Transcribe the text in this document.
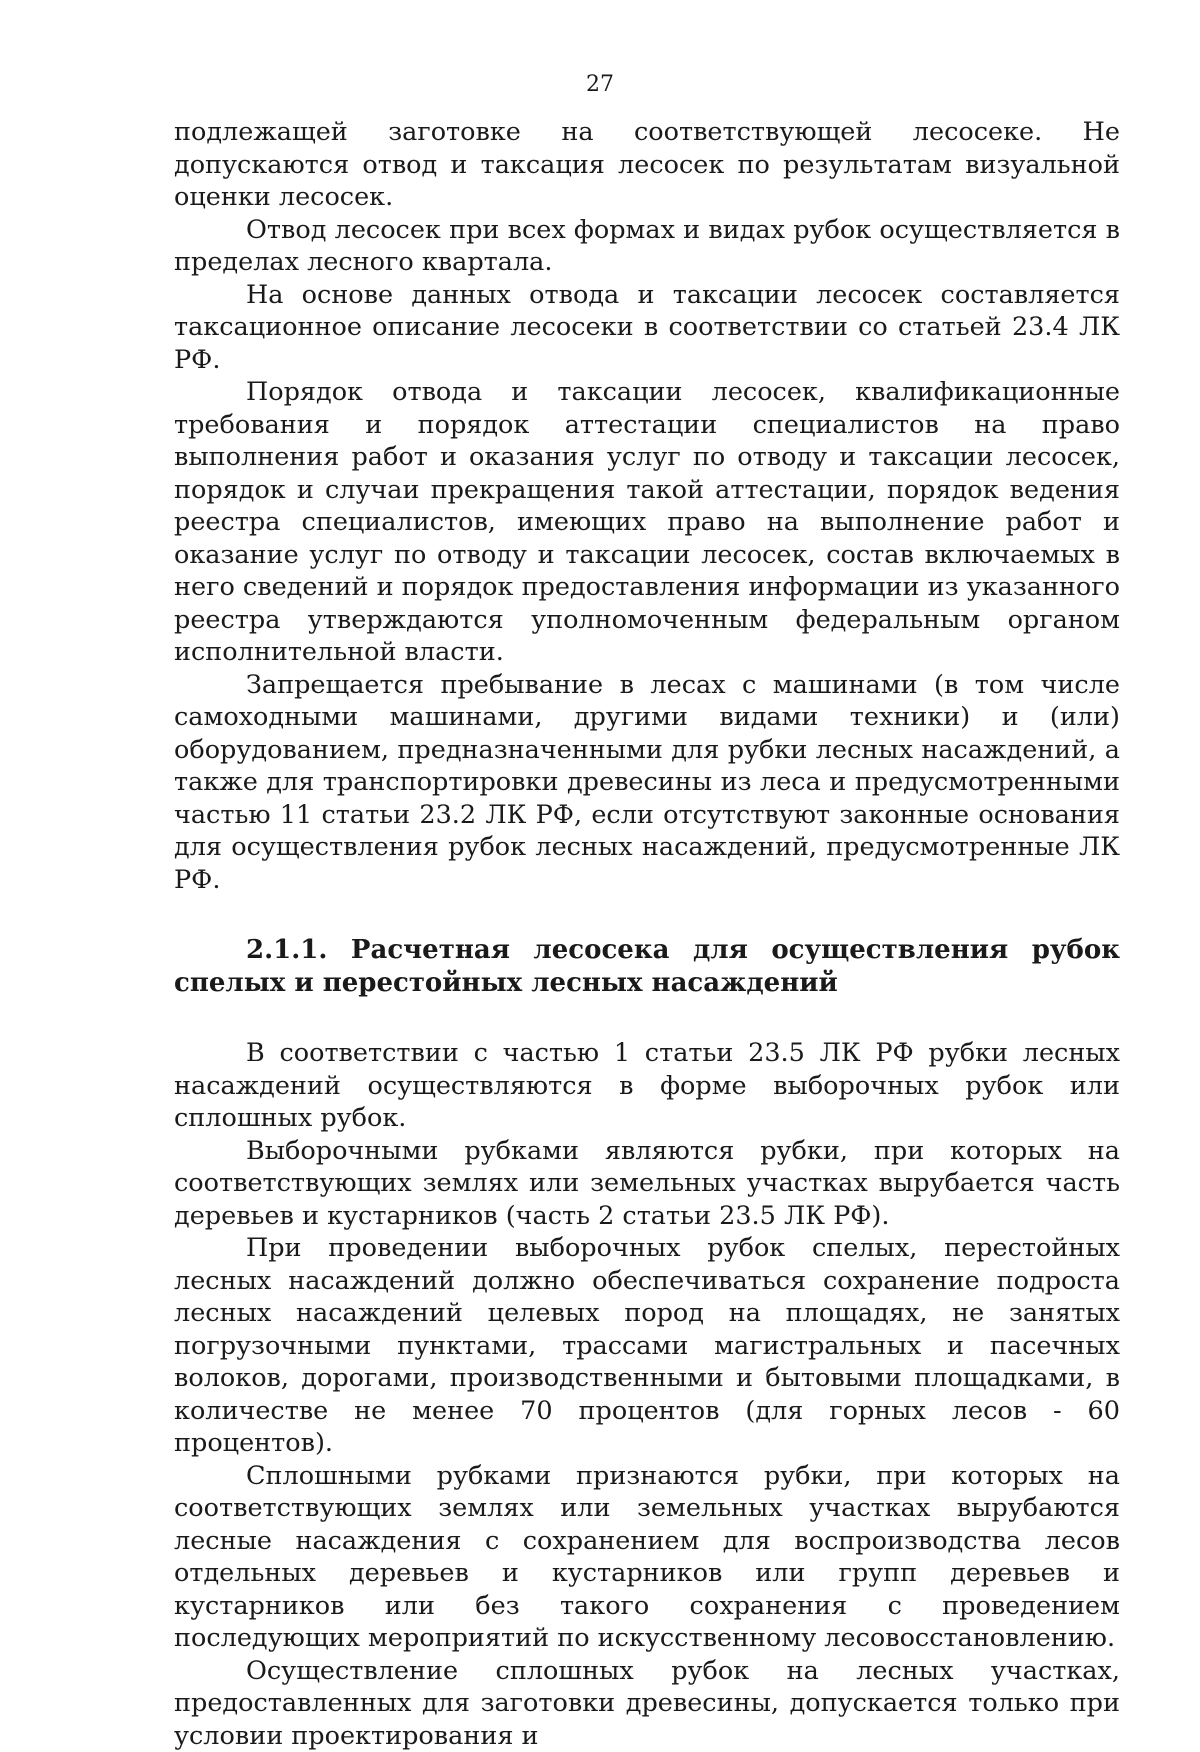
27

подлежащей заготовке на соответствующей лесосеке. Не допускаются отвод и таксация лесосек по результатам визуальной оценки лесосек.

Отвод лесосек при всех формах и видах рубок осуществляется в пределах лесного квартала.

На основе данных отвода и таксации лесосек составляется таксационное описание лесосеки в соответствии со статьей 23.4 ЛК РФ.

Порядок отвода и таксации лесосек, квалификационные требования и порядок аттестации специалистов на право выполнения работ и оказания услуг по отводу и таксации лесосек, порядок и случаи прекращения такой аттестации, порядок ведения реестра специалистов, имеющих право на выполнение работ и оказание услуг по отводу и таксации лесосек, состав включаемых в него сведений и порядок предоставления информации из указанного реестра утверждаются уполномоченным федеральным органом исполнительной власти.

Запрещается пребывание в лесах с машинами (в том числе самоходными машинами, другими видами техники) и (или) оборудованием, предназначенными для рубки лесных насаждений, а также для транспортировки древесины из леса и предусмотренными частью 11 статьи 23.2 ЛК РФ, если отсутствуют законные основания для осуществления рубок лесных насаждений, предусмотренные ЛК РФ.

2.1.1. Расчетная лесосека для осуществления рубок спелых и перестойных лесных насаждений

В соответствии с частью 1 статьи 23.5 ЛК РФ рубки лесных насаждений осуществляются в форме выборочных рубок или сплошных рубок.

Выборочными рубками являются рубки, при которых на соответствующих землях или земельных участках вырубается часть деревьев и кустарников (часть 2 статьи 23.5 ЛК РФ).

При проведении выборочных рубок спелых, перестойных лесных насаждений должно обеспечиваться сохранение подроста лесных насаждений целевых пород на площадях, не занятых погрузочными пунктами, трассами магистральных и пасечных волоков, дорогами, производственными и бытовыми площадками, в количестве не менее 70 процентов (для горных лесов - 60 процентов).

Сплошными рубками признаются рубки, при которых на соответствующих землях или земельных участках вырубаются лесные насаждения с сохранением для воспроизводства лесов отдельных деревьев и кустарников или групп деревьев и кустарников или без такого сохранения с проведением последующих мероприятий по искусственному лесовосстановлению.

Осуществление сплошных рубок на лесных участках, предоставленных для заготовки древесины, допускается только при условии проектирования и
